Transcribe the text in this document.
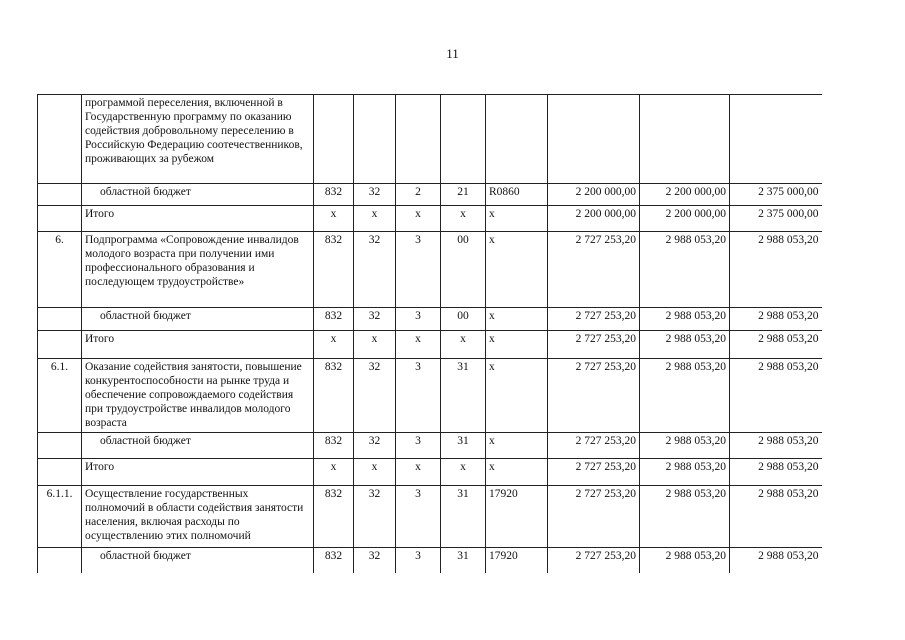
11
	программой переселения, включенной в Государственную программу по оказанию содействия добровольному переселению в Российскую Федерацию соотечественников, проживающих за рубежом								
	областной бюджет	832	32	2	21	R0860	2 200 000,00	2 200 000,00	2 375 000,00
	Итого	х	х	х	х	х	2 200 000,00	2 200 000,00	2 375 000,00
6.	Подпрограмма «Сопровождение инвалидов молодого возраста при получении ими профессионального образования и последующем трудоустройстве»	832	32	3	00	х	2 727 253,20	2 988 053,20	2 988 053,20
	областной бюджет	832	32	3	00	х	2 727 253,20	2 988 053,20	2 988 053,20
	Итого	х	х	х	х	х	2 727 253,20	2 988 053,20	2 988 053,20
6.1.	Оказание содействия занятости, повышение конкурентоспособности на рынке труда и обеспечение сопровождаемого содействия при трудоустройстве инвалидов молодого возраста	832	32	3	31	х	2 727 253,20	2 988 053,20	2 988 053,20
	областной бюджет	832	32	3	31	х	2 727 253,20	2 988 053,20	2 988 053,20
	Итого	х	х	х	х	х	2 727 253,20	2 988 053,20	2 988 053,20
6.1.1.	Осуществление государственных полномочий в области содействия занятости населения, включая расходы по осуществлению этих полномочий	832	32	3	31	17920	2 727 253,20	2 988 053,20	2 988 053,20
	областной бюджет	832	32	3	31	17920	2 727 253,20	2 988 053,20	2 988 053,20
